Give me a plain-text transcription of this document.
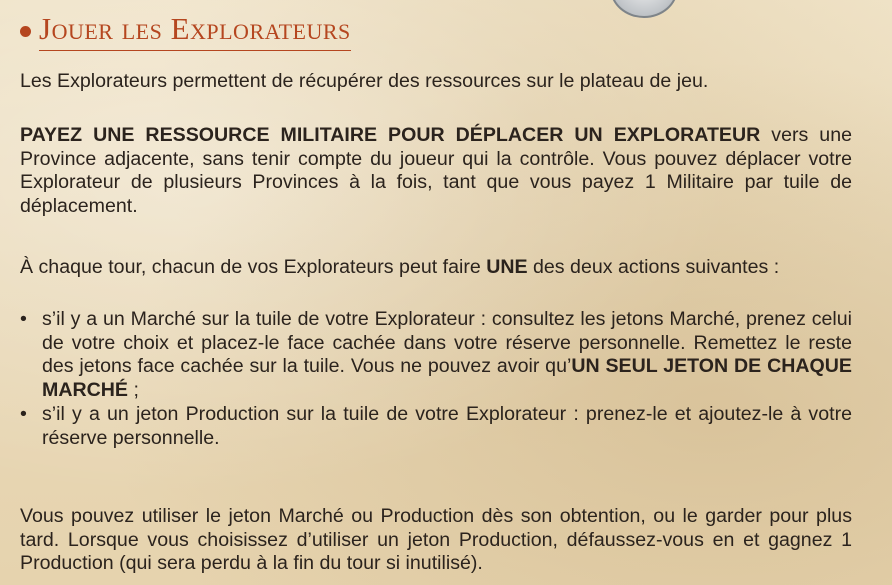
Jouer les Explorateurs

Les Explorateurs permettent de récupérer des ressources sur le plateau de jeu.

PAYEZ UNE RESSOURCE MILITAIRE POUR DÉPLACER UN EXPLORATEUR vers une Province adjacente, sans tenir compte du joueur qui la contrôle. Vous pouvez déplacer votre Explorateur de plusieurs Provinces à la fois, tant que vous payez 1 Militaire par tuile de déplacement.

À chaque tour, chacun de vos Explorateurs peut faire UNE des deux actions suivantes :

• s’il y a un Marché sur la tuile de votre Explorateur : consultez les jetons Marché, prenez celui de votre choix et placez-le face cachée dans votre réserve personnelle. Remettez le reste des jetons face cachée sur la tuile. Vous ne pouvez avoir qu’UN SEUL JETON DE CHAQUE MARCHÉ ;
• s’il y a un jeton Production sur la tuile de votre Explorateur : prenez-le et ajoutez-le à votre réserve personnelle.

Vous pouvez utiliser le jeton Marché ou Production dès son obtention, ou le garder pour plus tard. Lorsque vous choisissez d’utiliser un jeton Production, défaussez-vous en et gagnez 1 Production (qui sera perdu à la fin du tour si inutilisé).
